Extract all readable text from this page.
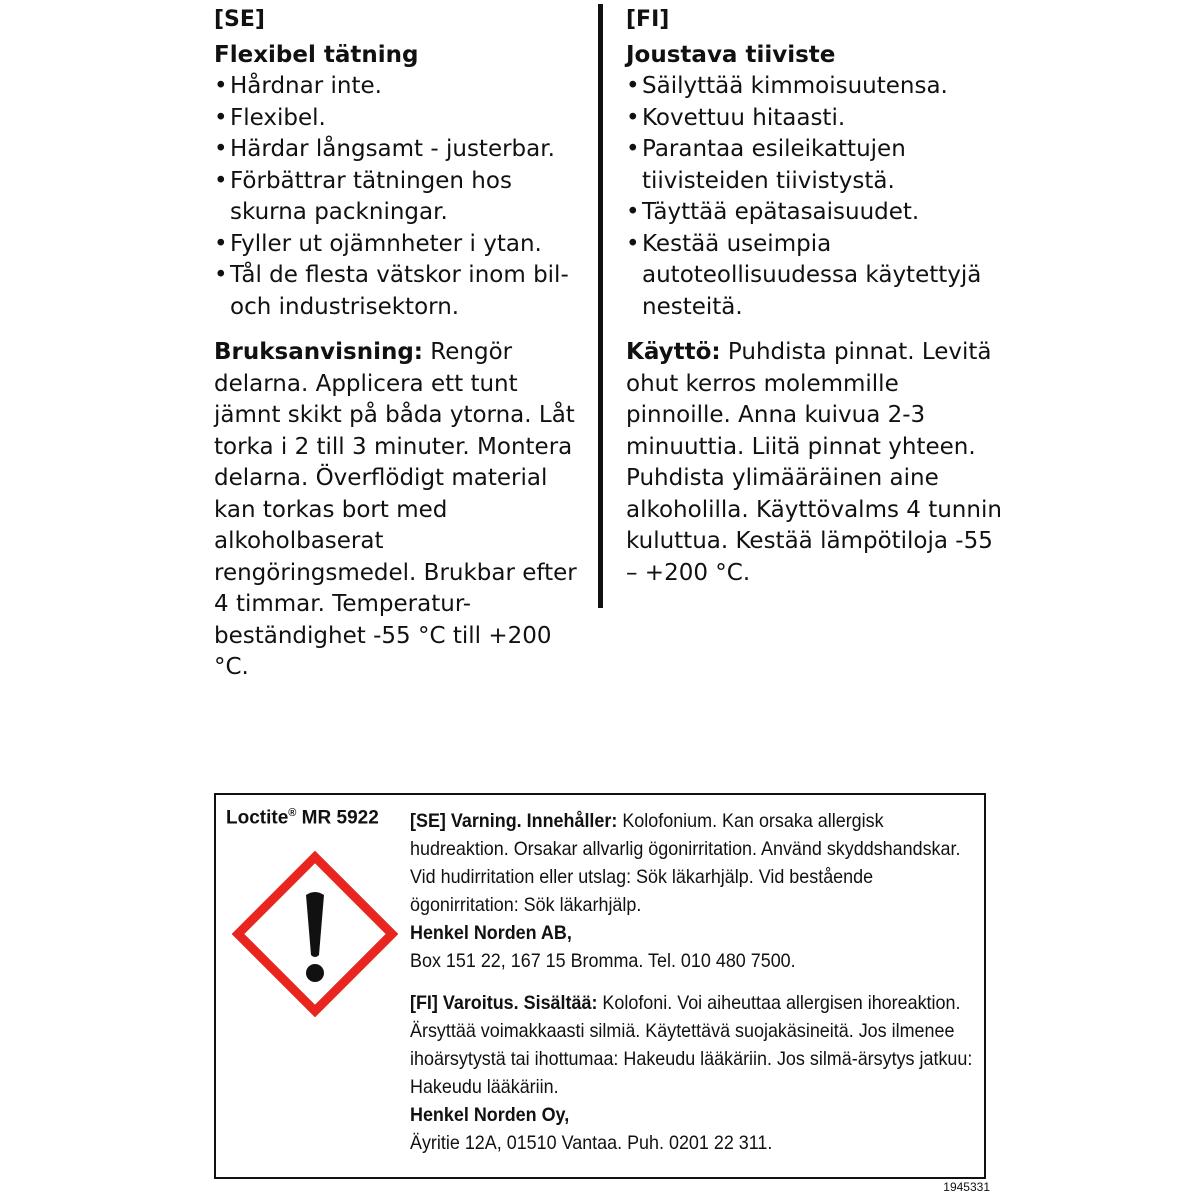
[SE]
Flexibel tätning
• Hårdnar inte.
• Flexibel.
• Härdar långsamt - justerbar.
• Förbättrar tätningen hos skurna packningar.
• Fyller ut ojämnheter i ytan.
• Tål de flesta vätskor inom bil- och industrisektorn.
Bruksanvisning: Rengör delarna. Applicera ett tunt jämnt skikt på båda ytorna. Låt torka i 2 till 3 minuter. Montera delarna. Överflödigt material kan torkas bort med alkoholbaserat rengöringsmedel. Brukbar efter 4 timmar. Temperatur-beständighet -55 °C till +200 °C.
[FI]
Joustava tiiviste
• Säilyttää kimmoisuutensa.
• Kovettuu hitaasti.
• Parantaa esileikattujen tiivisteiden tiivistystä.
• Täyttää epätasaisuudet.
• Kestää useimpia autoteollisuudessa käytettyjä nesteitä.
Käyttö: Puhdista pinnat. Levitä ohut kerros molemmille pinnoille. Anna kuivua 2-3 minuuttia. Liitä pinnat yhteen. Puhdista ylimääräinen aine alkoholilla. Käyttövalms 4 tunnin kuluttua. Kestää lämpötiloja -55 – +200 °C.
Loctite® MR 5922 [SE] Varning. Innehåller: Kolofonium. Kan orsaka allergisk hudreaktion. Orsakar allvarlig ögonirritation. Använd skyddshandskar. Vid hudirritation eller utslag: Sök läkarhjälp. Vid bestående ögonirritation: Sök läkarhjälp.
Henkel Norden AB,
Box 151 22, 167 15 Bromma. Tel. 010 480 7500.
[FI] Varoitus. Sisältää: Kolofoni. Voi aiheuttaa allergisen ihoreaktion. Ärsyttää voimakkaasti silmiä. Käytettävä suojakäsineitä. Jos ilmenee ihoärsytystä tai ihottumaa: Hakeudu lääkäriin. Jos silmä-ärsytys jatkuu: Hakeudu lääkäriin.
Henkel Norden Oy,
Äyritie 12A, 01510 Vantaa. Puh. 0201 22 311.
1945331
